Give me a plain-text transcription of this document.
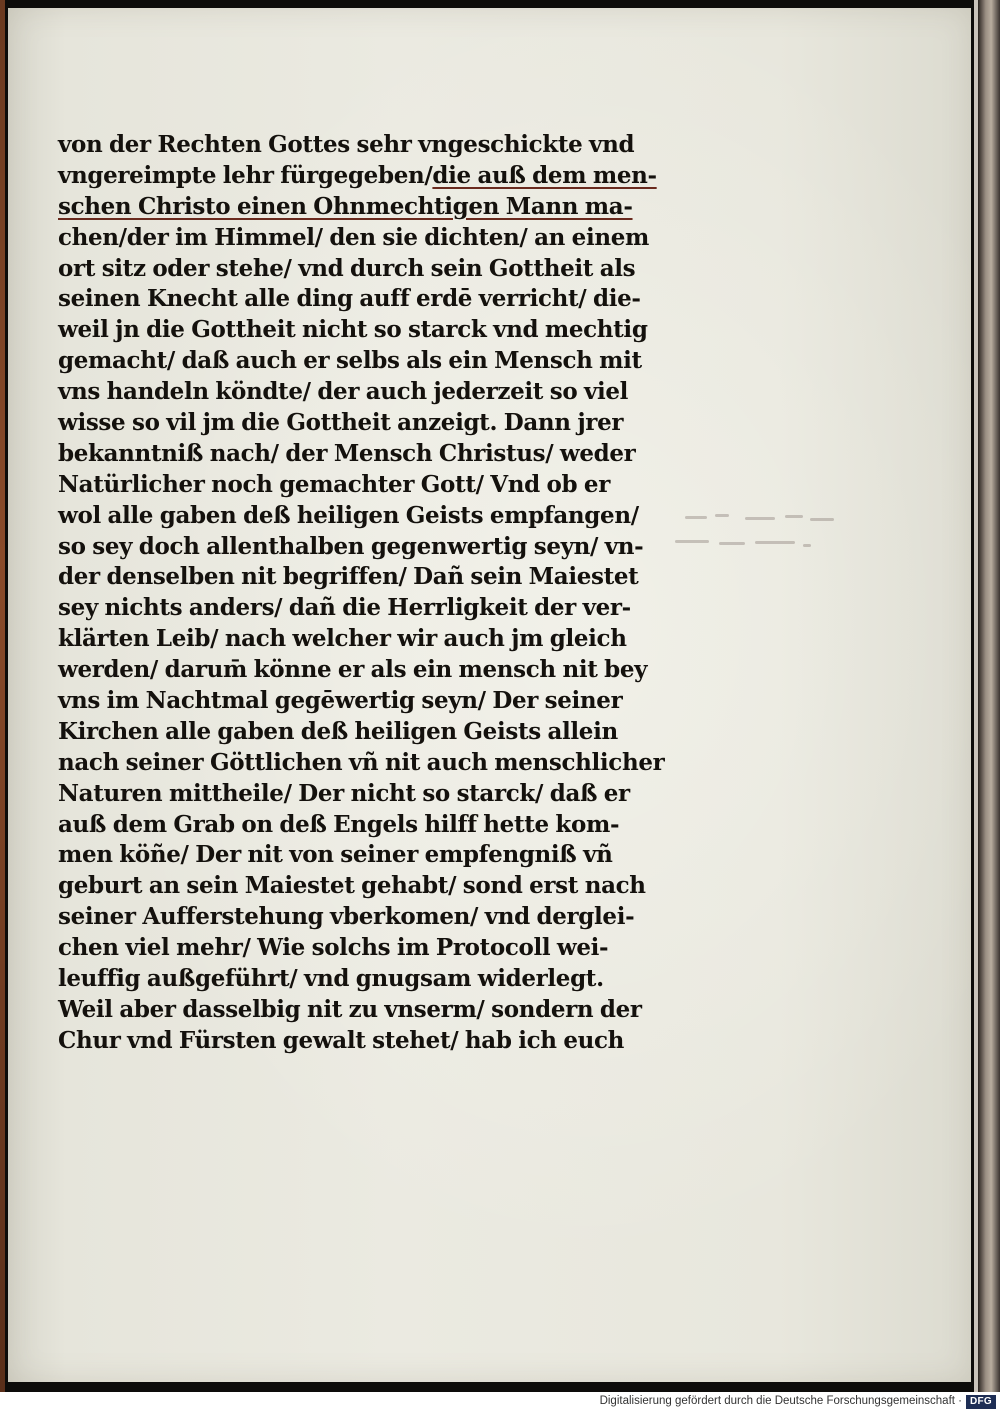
von der Rechten Gottes sehr vngeschickte vnd
vngereimpte lehr fürgegeben/die auß dem men-
schen Christo einen Ohnmechtigen Mann ma-
chen/der im Himmel/ den sie dichten/ an einem
ort sitz oder stehe/ vnd durch sein Gottheit als
seinen Knecht alle ding auff erdē verricht/ die-
weil jn die Gottheit nicht so starck vnd mechtig
gemacht/ daß auch er selbs als ein Mensch mit
vns handeln köndte/ der auch jederzeit so viel
wisse so vil jm die Gottheit anzeigt. Dann jrer
bekanntniß nach/ der Mensch Christus/ weder
Natürlicher noch gemachter Gott/ Vnd ob er
wol alle gaben deß heiligen Geists empfangen/
so sey doch allenthalben gegenwertig seyn/ vn-
der denselben nit begriffen/ Dañ sein Maiestet
sey nichts anders/ dañ die Herrligkeit der ver-
klärten Leib/ nach welcher wir auch jm gleich
werden/ darum̄ könne er als ein mensch nit bey
vns im Nachtmal gegēwertig seyn/ Der seiner
Kirchen alle gaben deß heiligen Geists allein
nach seiner Göttlichen vñ nit auch menschlicher
Naturen mittheile/ Der nicht so starck/ daß er
auß dem Grab on deß Engels hilff hette kom-
men köñe/ Der nit von seiner empfengniß vñ
geburt an sein Maiestet gehabt/ sond erst nach
seiner Aufferstehung vberkomen/ vnd derglei-
chen viel mehr/ Wie solchs im Protocoll wei-
leuffig außgeführt/ vnd gnugsam widerlegt.
Weil aber dasselbig nit zu vnserm/ sondern der
Chur vnd Fürsten gewalt stehet/ hab ich euch
Digitalisierung gefördert durch die Deutsche Forschungsgemeinschaft · DFG
